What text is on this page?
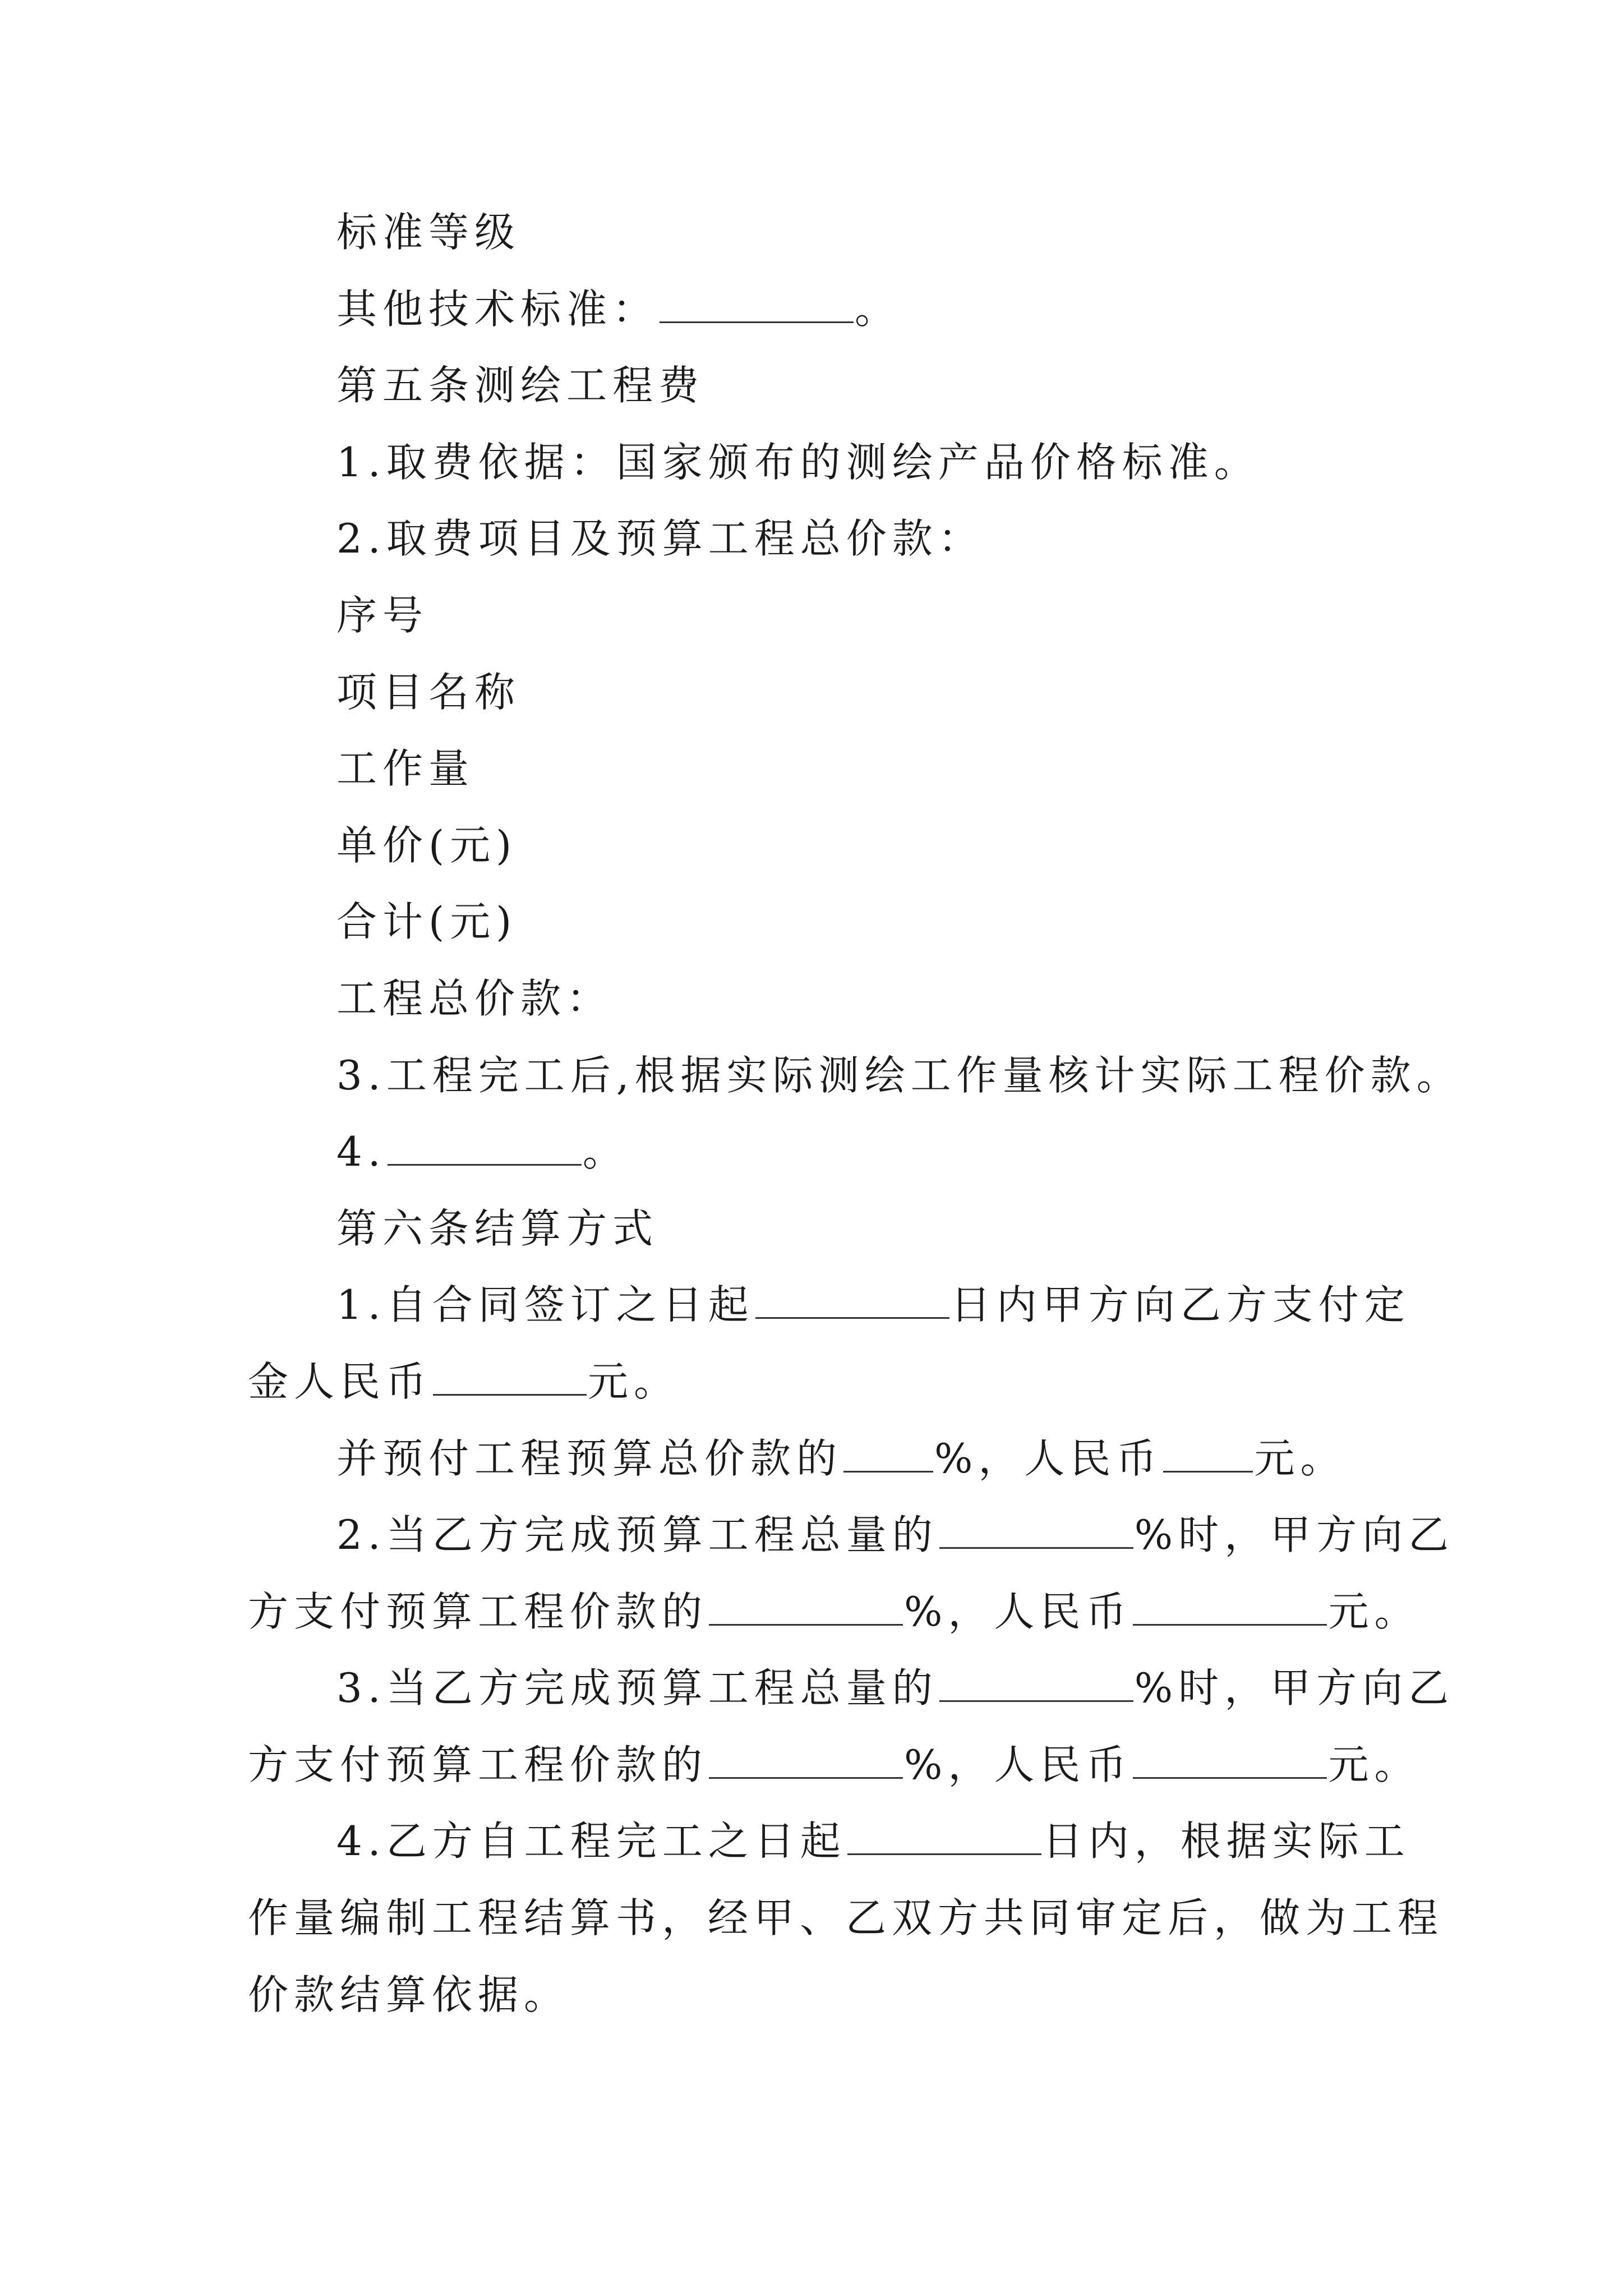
标准等级

其他技术标准：	。

第五条测绘工程费

1.取费依据：国家颁布的测绘产品价格标准。

2.取费项目及预算工程总价款：

序号

项目名称

工作量

单价(元)

合计(元)

工程总价款：

3.工程完工后,根据实际测绘工作量核计实际工程价款。

4.	。

第六条结算方式

1.自合同签订之日起	日内甲方向乙方支付定

金人民币	元。

并预付工程预算总价款的 %，人民币 元。

2.当乙方完成预算工程总量的	%时，甲方向乙

方支付预算工程价款的	%，人民币	元。

3.当乙方完成预算工程总量的	%时，甲方向乙

方支付预算工程价款的	%，人民币	元。

4.乙方自工程完工之日起	日内，根据实际工

作量编制工程结算书，经甲、乙双方共同审定后，做为工程

价款结算依据。
